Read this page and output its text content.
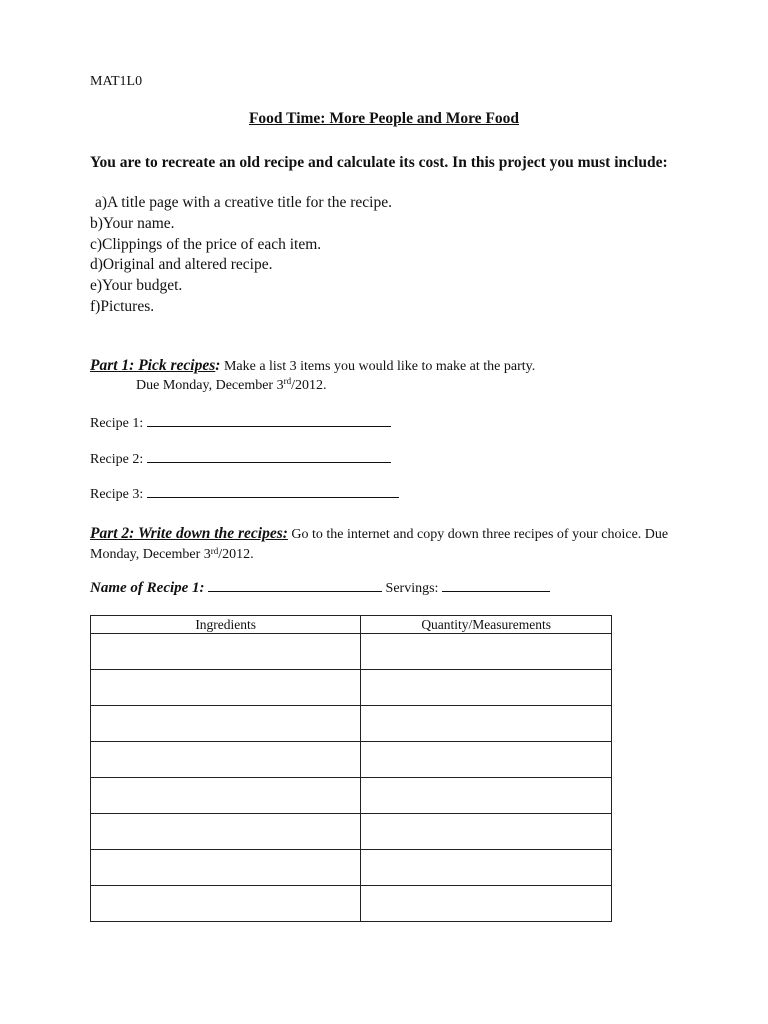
MAT1L0
Food Time: More People and More Food
You are to recreate an old recipe and calculate its cost. In this project you must include:
a)A title page with a creative title for the recipe.
b)Your name.
c)Clippings of the price of each item.
d)Original and altered recipe.
e)Your budget.
f)Pictures.
Part 1: Pick recipes: Make a list 3 items you would like to make at the party.
Due Monday, December 3rd/2012.
Recipe 1:
Recipe 2:
Recipe 3:
Part 2: Write down the recipes: Go to the internet and copy down three recipes of your choice. Due Monday, December 3rd/2012.
Name of Recipe 1:	Servings:
Ingredients	Quantity/Measurements
